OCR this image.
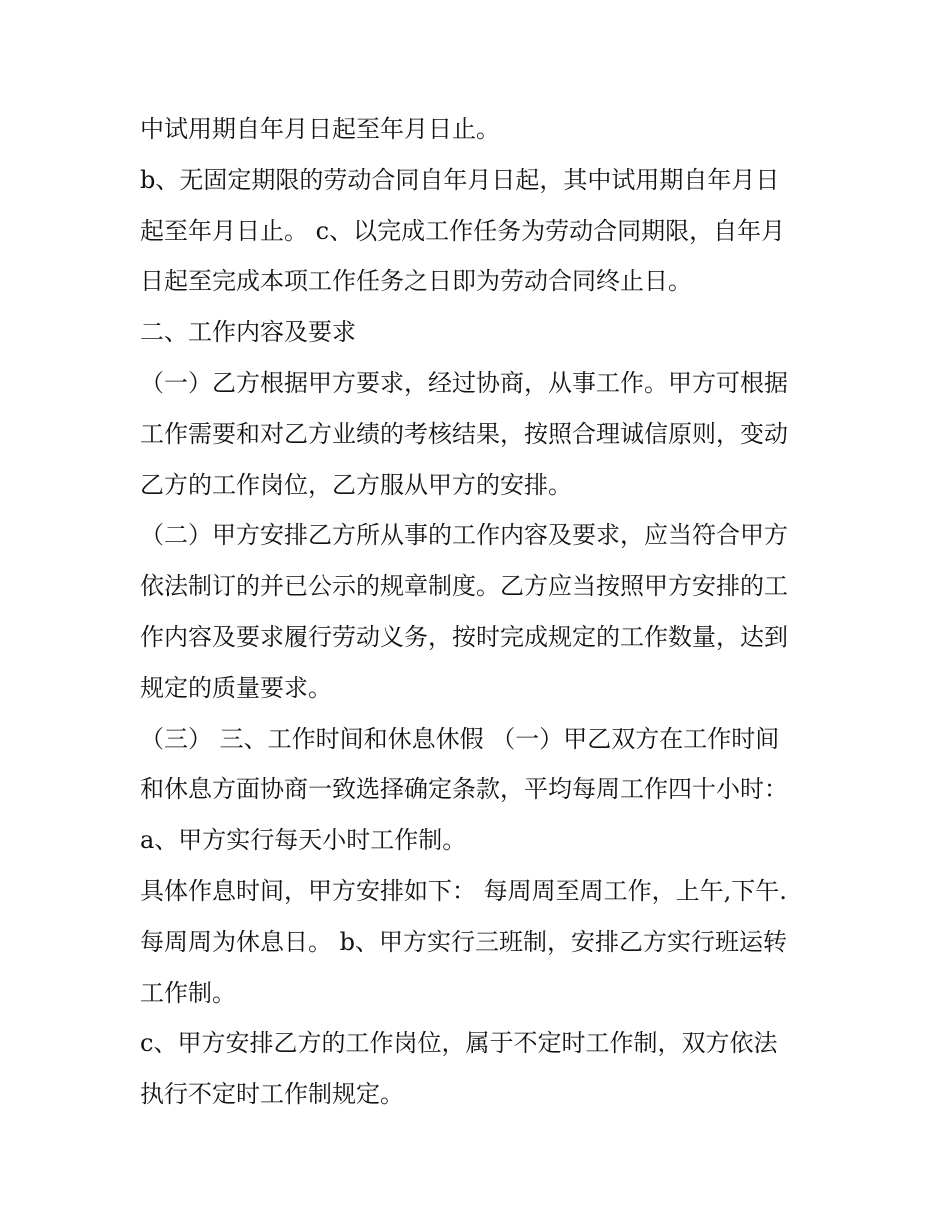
中试用期自年月日起至年月日止。
b、无固定期限的劳动合同自年月日起，其中试用期自年月日
起至年月日止。 c、以完成工作任务为劳动合同期限，自年月
日起至完成本项工作任务之日即为劳动合同终止日。
二、工作内容及要求
（一）乙方根据甲方要求，经过协商，从事工作。甲方可根据
工作需要和对乙方业绩的考核结果，按照合理诚信原则，变动
乙方的工作岗位，乙方服从甲方的安排。
（二）甲方安排乙方所从事的工作内容及要求，应当符合甲方
依法制订的并已公示的规章制度。乙方应当按照甲方安排的工
作内容及要求履行劳动义务，按时完成规定的工作数量，达到
规定的质量要求。
（三） 三、工作时间和休息休假 （一）甲乙双方在工作时间
和休息方面协商一致选择确定条款，平均每周工作四十小时：
a、甲方实行每天小时工作制。
具体作息时间，甲方安排如下： 每周周至周工作，上午,下午.
每周周为休息日。 b、甲方实行三班制，安排乙方实行班运转
工作制。
c、甲方安排乙方的工作岗位，属于不定时工作制，双方依法
执行不定时工作制规定。
